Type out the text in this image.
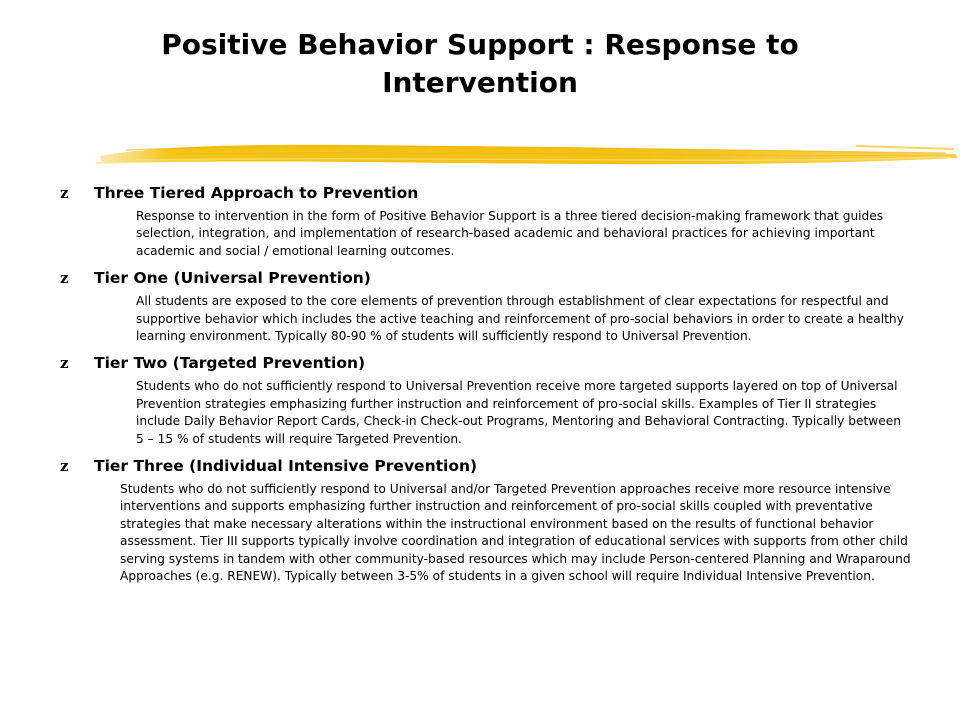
Positive Behavior Support : Response to
Intervention
z Three Tiered Approach to Prevention
Response to intervention in the form of Positive Behavior Support is a three tiered decision-making framework that guides selection, integration, and implementation of research-based academic and behavioral practices for achieving important academic and social / emotional learning outcomes.
z Tier One (Universal Prevention)
All students are exposed to the core elements of prevention through establishment of clear expectations for respectful and supportive behavior which includes the active teaching and reinforcement of pro-social behaviors in order to create a healthy learning environment. Typically 80-90 % of students will sufficiently respond to Universal Prevention.
z Tier Two (Targeted Prevention)
Students who do not sufficiently respond to Universal Prevention receive more targeted supports layered on top of Universal Prevention strategies emphasizing further instruction and reinforcement of pro-social skills. Examples of Tier II strategies include Daily Behavior Report Cards, Check-in Check-out Programs, Mentoring and Behavioral Contracting. Typically between 5 – 15 % of students will require Targeted Prevention.
z Tier Three (Individual Intensive Prevention)
Students who do not sufficiently respond to Universal and/or Targeted Prevention approaches receive more resource intensive interventions and supports emphasizing further instruction and reinforcement of pro-social skills coupled with preventative strategies that make necessary alterations within the instructional environment based on the results of functional behavior assessment. Tier III supports typically involve coordination and integration of educational services with supports from other child serving systems in tandem with other community-based resources which may include Person-centered Planning and Wraparound Approaches (e.g. RENEW). Typically between 3-5% of students in a given school will require Individual Intensive Prevention.
